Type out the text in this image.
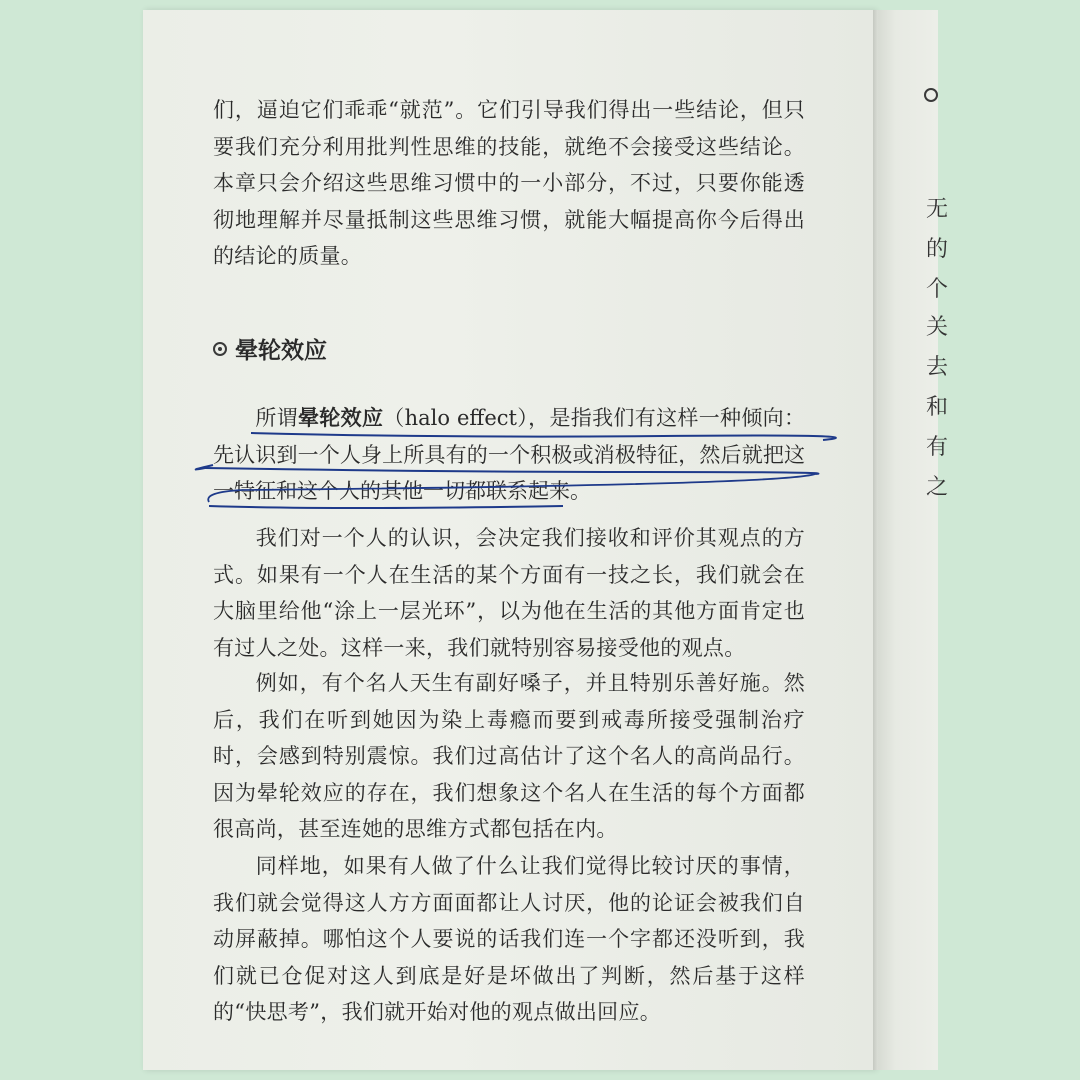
们，逼迫它们乖乖“就范”。它们引导我们得出一些结论，但只要我们充分利用批判性思维的技能，就绝不会接受这些结论。本章只会介绍这些思维习惯中的一小部分，不过，只要你能透彻地理解并尽量抵制这些思维习惯，就能大幅提高你今后得出的结论的质量。
晕轮效应
所谓晕轮效应（halo effect），是指我们有这样一种倾向：先认识到一个人身上所具有的一个积极或消极特征，然后就把这一特征和这个人的其他一切都联系起来。
我们对一个人的认识，会决定我们接收和评价其观点的方式。如果有一个人在生活的某个方面有一技之长，我们就会在大脑里给他“涂上一层光环”，以为他在生活的其他方面肯定也有过人之处。这样一来，我们就特别容易接受他的观点。
例如，有个名人天生有副好嗓子，并且特别乐善好施。然后，我们在听到她因为染上毒瘾而要到戒毒所接受强制治疗时，会感到特别震惊。我们过高估计了这个名人的高尚品行。因为晕轮效应的存在，我们想象这个名人在生活的每个方面都很高尚，甚至连她的思维方式都包括在内。
同样地，如果有人做了什么让我们觉得比较讨厌的事情，我们就会觉得这人方方面面都让人讨厌，他的论证会被我们自动屏蔽掉。哪怕这个人要说的话我们连一个字都还没听到，我们就已仓促对这人到底是好是坏做出了判断，然后基于这样的“快思考”，我们就开始对他的观点做出回应。
无
的
个
关
去
和
有
之
